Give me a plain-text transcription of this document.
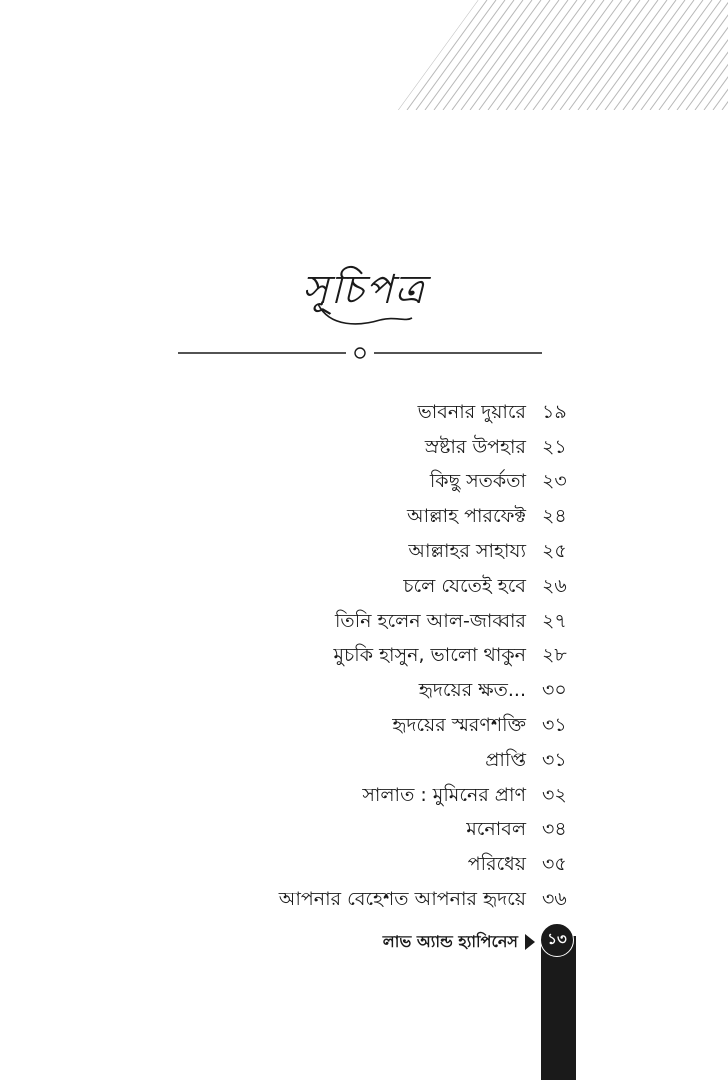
সূচিপত্র
ভাবনার দুয়ারে ১৯
স্রষ্টার উপহার ২১
কিছু সতর্কতা ২৩
আল্লাহ পারফেক্ট ২৪
আল্লাহর সাহায্য ২৫
চলে যেতেই হবে ২৬
তিনি হলেন আল-জাব্বার ২৭
মুচকি হাসুন, ভালো থাকুন ২৮
হৃদয়ের ক্ষত... ৩০
হৃদয়ের স্মরণশক্তি ৩১
প্রাপ্তি ৩১
সালাত : মুমিনের প্রাণ ৩২
মনোবল ৩৪
পরিধেয় ৩৫
আপনার বেহেশত আপনার হৃদয়ে ৩৬
লাভ অ্যান্ড হ্যাপিনেস	১৩
